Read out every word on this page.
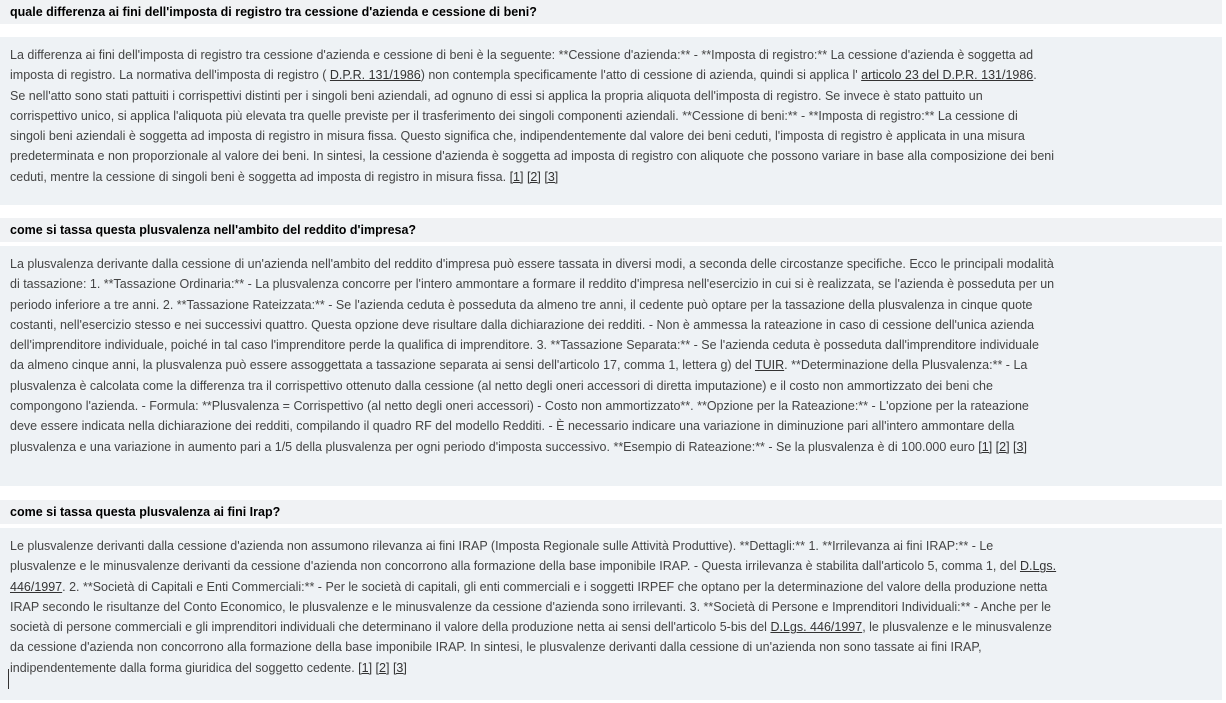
quale differenza ai fini dell'imposta di registro tra cessione d'azienda e cessione di beni?
La differenza ai fini dell'imposta di registro tra cessione d'azienda e cessione di beni è la seguente: **Cessione d'azienda:** - **Imposta di registro:** La cessione d'azienda è soggetta ad
imposta di registro. La normativa dell'imposta di registro ( D.P.R. 131/1986) non contempla specificamente l'atto di cessione di azienda, quindi si applica l' articolo 23 del D.P.R. 131/1986.
Se nell'atto sono stati pattuiti i corrispettivi distinti per i singoli beni aziendali, ad ognuno di essi si applica la propria aliquota dell'imposta di registro. Se invece è stato pattuito un
corrispettivo unico, si applica l'aliquota più elevata tra quelle previste per il trasferimento dei singoli componenti aziendali. **Cessione di beni:** - **Imposta di registro:** La cessione di
singoli beni aziendali è soggetta ad imposta di registro in misura fissa. Questo significa che, indipendentemente dal valore dei beni ceduti, l'imposta di registro è applicata in una misura
predeterminata e non proporzionale al valore dei beni. In sintesi, la cessione d'azienda è soggetta ad imposta di registro con aliquote che possono variare in base alla composizione dei beni
ceduti, mentre la cessione di singoli beni è soggetta ad imposta di registro in misura fissa. [1] [2] [3]
come si tassa questa plusvalenza nell'ambito del reddito d'impresa?
La plusvalenza derivante dalla cessione di un'azienda nell'ambito del reddito d'impresa può essere tassata in diversi modi, a seconda delle circostanze specifiche. Ecco le principali modalità
di tassazione: 1. **Tassazione Ordinaria:** - La plusvalenza concorre per l'intero ammontare a formare il reddito d'impresa nell'esercizio in cui si è realizzata, se l'azienda è posseduta per un
periodo inferiore a tre anni. 2. **Tassazione Rateizzata:** - Se l'azienda ceduta è posseduta da almeno tre anni, il cedente può optare per la tassazione della plusvalenza in cinque quote
costanti, nell'esercizio stesso e nei successivi quattro. Questa opzione deve risultare dalla dichiarazione dei redditi. - Non è ammessa la rateazione in caso di cessione dell'unica azienda
dell'imprenditore individuale, poiché in tal caso l'imprenditore perde la qualifica di imprenditore. 3. **Tassazione Separata:** - Se l'azienda ceduta è posseduta dall'imprenditore individuale
da almeno cinque anni, la plusvalenza può essere assoggettata a tassazione separata ai sensi dell'articolo 17, comma 1, lettera g) del TUIR. **Determinazione della Plusvalenza:** - La
plusvalenza è calcolata come la differenza tra il corrispettivo ottenuto dalla cessione (al netto degli oneri accessori di diretta imputazione) e il costo non ammortizzato dei beni che
compongono l'azienda. - Formula: **Plusvalenza = Corrispettivo (al netto degli oneri accessori) - Costo non ammortizzato**. **Opzione per la Rateazione:** - L'opzione per la rateazione
deve essere indicata nella dichiarazione dei redditi, compilando il quadro RF del modello Redditi. - È necessario indicare una variazione in diminuzione pari all'intero ammontare della
plusvalenza e una variazione in aumento pari a 1/5 della plusvalenza per ogni periodo d'imposta successivo. **Esempio di Rateazione:** - Se la plusvalenza è di 100.000 euro [1] [2] [3]
come si tassa questa plusvalenza ai fini Irap?
Le plusvalenze derivanti dalla cessione d'azienda non assumono rilevanza ai fini IRAP (Imposta Regionale sulle Attività Produttive). **Dettagli:** 1. **Irrilevanza ai fini IRAP:** - Le
plusvalenze e le minusvalenze derivanti da cessione d'azienda non concorrono alla formazione della base imponibile IRAP. - Questa irrilevanza è stabilita dall'articolo 5, comma 1, del D.Lgs.
446/1997. 2. **Società di Capitali e Enti Commerciali:** - Per le società di capitali, gli enti commerciali e i soggetti IRPEF che optano per la determinazione del valore della produzione netta
IRAP secondo le risultanze del Conto Economico, le plusvalenze e le minusvalenze da cessione d'azienda sono irrilevanti. 3. **Società di Persone e Imprenditori Individuali:** - Anche per le
società di persone commerciali e gli imprenditori individuali che determinano il valore della produzione netta ai sensi dell'articolo 5-bis del D.Lgs. 446/1997, le plusvalenze e le minusvalenze
da cessione d'azienda non concorrono alla formazione della base imponibile IRAP. In sintesi, le plusvalenze derivanti dalla cessione di un'azienda non sono tassate ai fini IRAP,
indipendentemente dalla forma giuridica del soggetto cedente. [1] [2] [3]
